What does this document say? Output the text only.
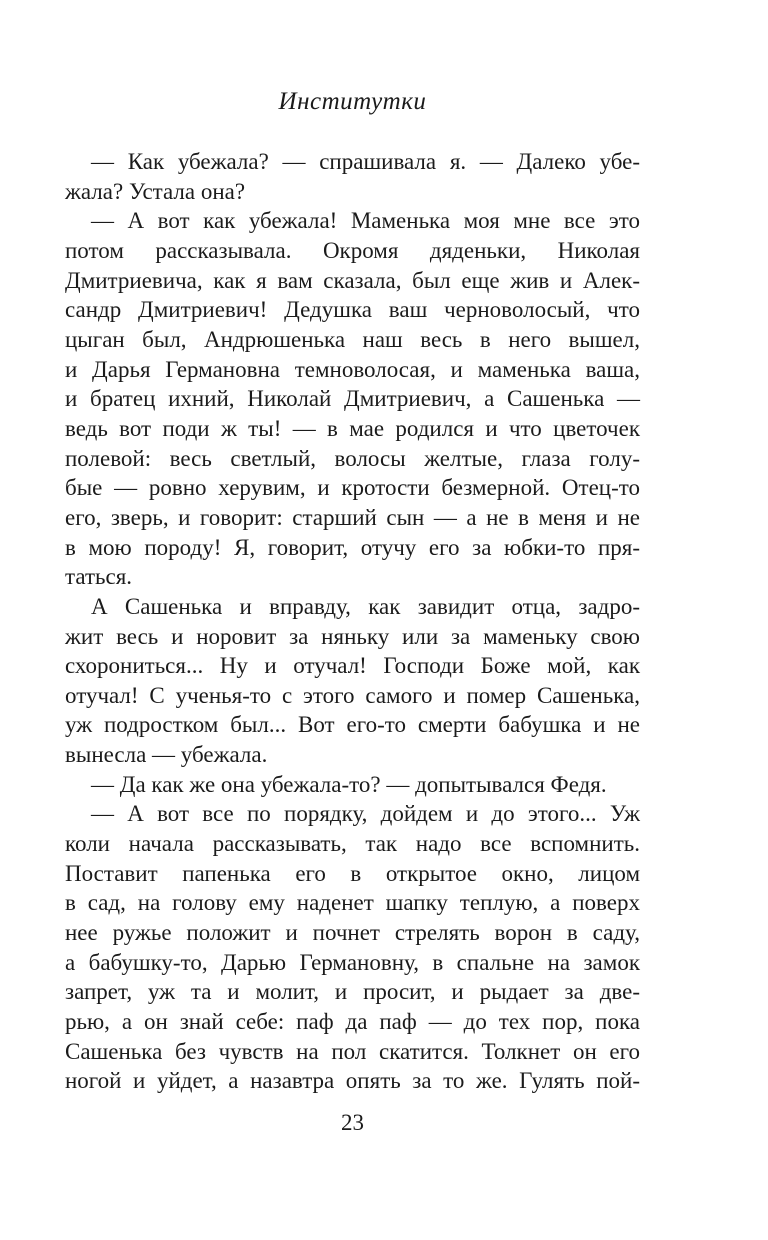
Институтки

— Как убежала? — спрашивала я. — Далеко убе-
жала? Устала она?

— А вот как убежала! Маменька моя мне все это
потом рассказывала. Окромя дяденьки, Николая
Дмитриевича, как я вам сказала, был еще жив и Алек-
сандр Дмитриевич! Дедушка ваш черноволосый, что
цыган был, Андрюшенька наш весь в него вышел,
и Дарья Германовна темноволосая, и маменька ваша,
и братец ихний, Николай Дмитриевич, а Сашенька —
ведь вот поди ж ты! — в мае родился и что цветочек
полевой: весь светлый, волосы желтые, глаза голу-
бые — ровно херувим, и кротости безмерной. Отец-то
его, зверь, и говорит: старший сын — а не в меня и не
в мою породу! Я, говорит, отучу его за юбки-то пря-
таться.

А Сашенька и вправду, как завидит отца, задро-
жит весь и норовит за няньку или за маменьку свою
схорониться... Ну и отучал! Господи Боже мой, как
отучал! С ученья-то с этого самого и помер Сашенька,
уж подростком был... Вот его-то смерти бабушка и не
вынесла — убежала.

— Да как же она убежала-то? — допытывался Федя.

— А вот все по порядку, дойдем и до этого... Уж
коли начала рассказывать, так надо все вспомнить.
Поставит папенька его в открытое окно, лицом
в сад, на голову ему наденет шапку теплую, а поверх
нее ружье положит и почнет стрелять ворон в саду,
а бабушку-то, Дарью Германовну, в спальне на замок
запрет, уж та и молит, и просит, и рыдает за две-
рью, а он знай себе: паф да паф — до тех пор, пока
Сашенька без чувств на пол скатится. Толкнет он его
ногой и уйдет, а назавтра опять за то же. Гулять пой-

23
